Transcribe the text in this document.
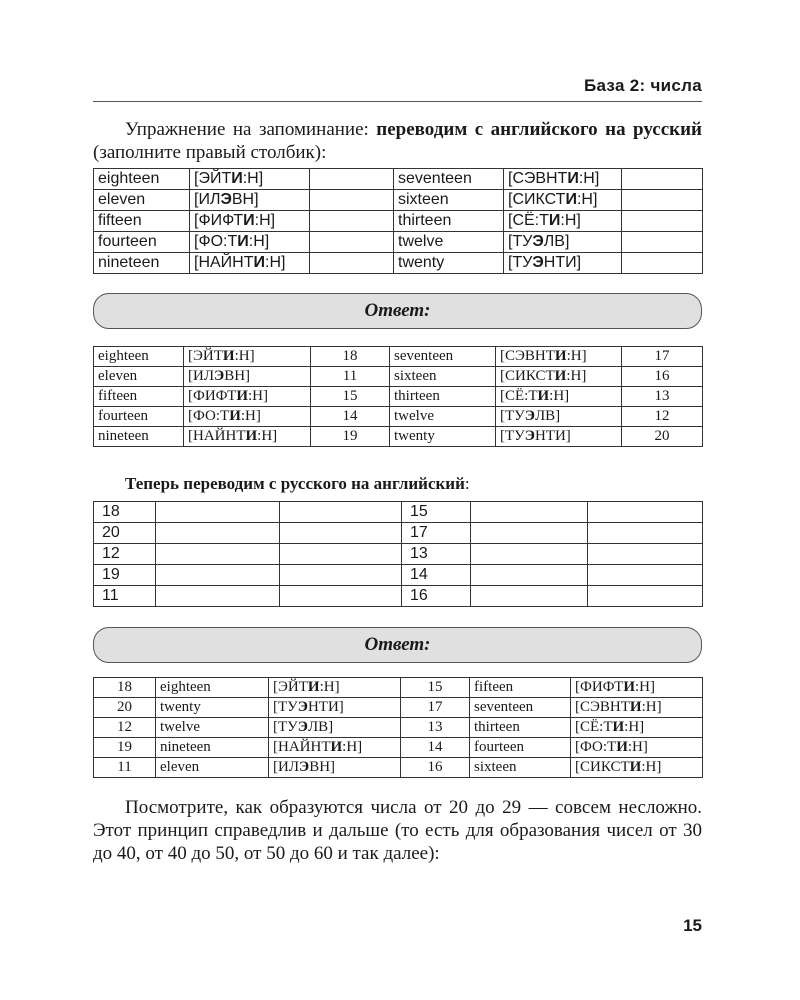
База 2: числа

Упражнение на запоминание: переводим с английского на русский (заполните правый столбик):

eighteen	[ЭЙТИ:Н]		seventeen	[СЭВНТИ:Н]	
eleven	[ИЛЭВН]		sixteen	[СИКСТИ:Н]	
fifteen	[ФИФТИ:Н]		thirteen	[СЁ:ТИ:Н]	
fourteen	[ФО:ТИ:Н]		twelve	[ТУЭЛВ]	
nineteen	[НАЙНТИ:Н]		twenty	[ТУЭНТИ]	
Ответ:
eighteen	[ЭЙТИ:Н]	18	seventeen	[СЭВНТИ:Н]	17
eleven	[ИЛЭВН]	11	sixteen	[СИКСТИ:Н]	16
fifteen	[ФИФТИ:Н]	15	thirteen	[СЁ:ТИ:Н]	13
fourteen	[ФО:ТИ:Н]	14	twelve	[ТУЭЛВ]	12
nineteen	[НАЙНТИ:Н]	19	twenty	[ТУЭНТИ]	20
Теперь переводим с русского на английский:
18			15		
20			17		
12			13		
19			14		
11			16		
Ответ:
18	eighteen	[ЭЙТИ:Н]	15	fifteen	[ФИФТИ:Н]
20	twenty	[ТУЭНТИ]	17	seventeen	[СЭВНТИ:Н]
12	twelve	[ТУЭЛВ]	13	thirteen	[СЁ:ТИ:Н]
19	nineteen	[НАЙНТИ:Н]	14	fourteen	[ФО:ТИ:Н]
11	eleven	[ИЛЭВН]	16	sixteen	[СИКСТИ:Н]

Посмотрите, как образуются числа от 20 до 29 — совсем несложно. Этот принцип справедлив и дальше (то есть для образования чисел от 30 до 40, от 40 до 50, от 50 до 60 и так далее):

15
